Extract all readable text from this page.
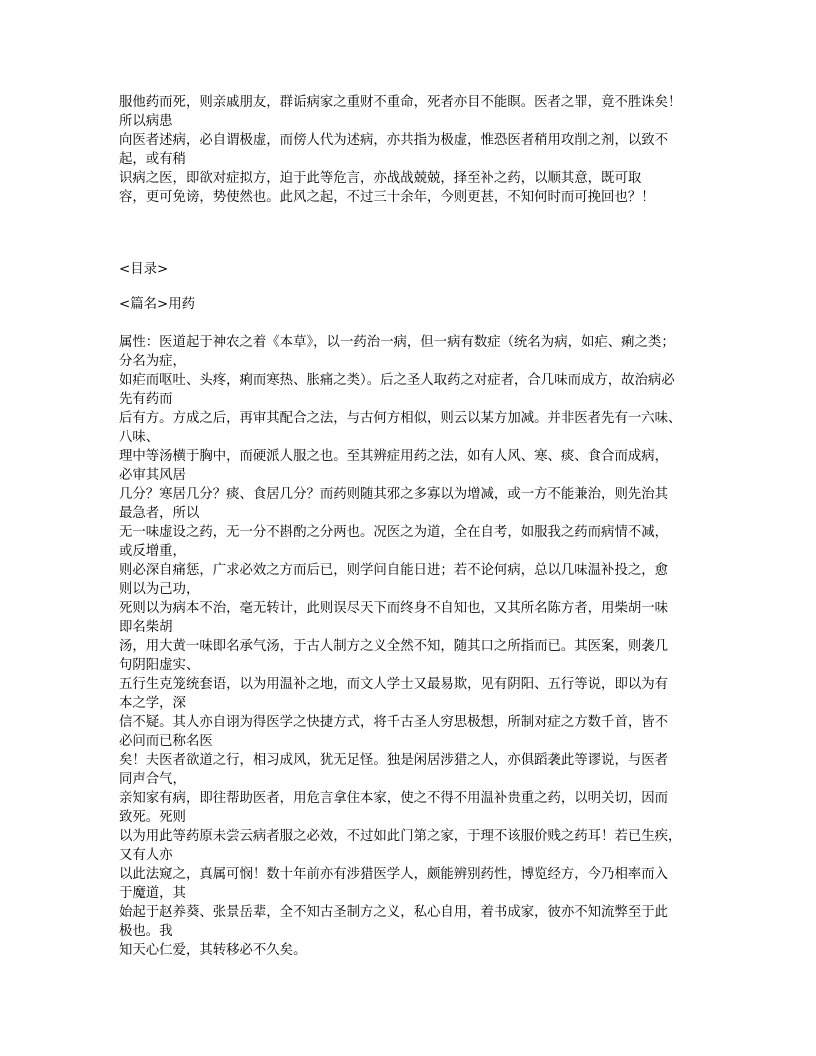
服他药而死，则亲戚朋友，群诟病家之重财不重命，死者亦目不能瞑。医者之罪，竟不胜诛矣！

所以病患

向医者述病，必自谓极虚，而傍人代为述病，亦共指为极虚，惟恐医者稍用攻削之剂，以致不

起，或有稍

识病之医，即欲对症拟方，迫于此等危言，亦战战兢兢，择至补之药，以顺其意，既可取

容，更可免谤，势使然也。此风之起，不过三十余年，今则更甚，不知何时而可挽回也？！

<目录>
<篇名>用药

属性：医道起于神农之着《本草》，以一药治一病，但一病有数症（统名为病，如疟、痢之类；

分名为症，

如疟而呕吐、头疼，痢而寒热、胀痛之类）。后之圣人取药之对症者，合几味而成方，故治病必

先有药而

后有方。方成之后，再审其配合之法，与古何方相似，则云以某方加减。并非医者先有一六味、

八味、

理中等汤横于胸中，而硬派人服之也。至其辨症用药之法，如有人风、寒、痰、食合而成病，

必审其风居

几分？寒居几分？痰、食居几分？而药则随其邪之多寡以为增减，或一方不能兼治，则先治其

最急者，所以

无一味虚设之药，无一分不斟酌之分两也。况医之为道，全在自考，如服我之药而病情不减，

或反增重，

则必深自痛惩，广求必效之方而后已，则学问自能日进；若不论何病，总以几味温补投之，愈

则以为己功，

死则以为病本不治，毫无转计，此则误尽天下而终身不自知也，又其所名陈方者，用柴胡一味

即名柴胡

汤，用大黄一味即名承气汤，于古人制方之义全然不知，随其口之所指而已。其医案，则袭几

句阴阳虚实、

五行生克笼统套语，以为用温补之地，而文人学士又最易欺，见有阴阳、五行等说，即以为有

本之学，深

信不疑。其人亦自诩为得医学之快捷方式，将千古圣人穷思极想，所制对症之方数千首，皆不

必问而已称名医

矣！夫医者欲道之行，相习成风，犹无足怪。独是闲居涉猎之人，亦俱蹈袭此等谬说，与医者

同声合气，

亲知家有病，即往帮助医者，用危言拿住本家，使之不得不用温补贵重之药，以明关切，因而

致死。死则

以为用此等药原未尝云病者服之必效，不过如此门第之家，于理不该服价贱之药耳！若已生疾，

又有人亦

以此法窥之，真属可悯！数十年前亦有涉猎医学人，颇能辨别药性，博览经方，今乃相率而入

于魔道，其

始起于赵养葵、张景岳辈，全不知古圣制方之义，私心自用，着书成家，彼亦不知流弊至于此

极也。我

知天心仁爱，其转移必不久矣。
